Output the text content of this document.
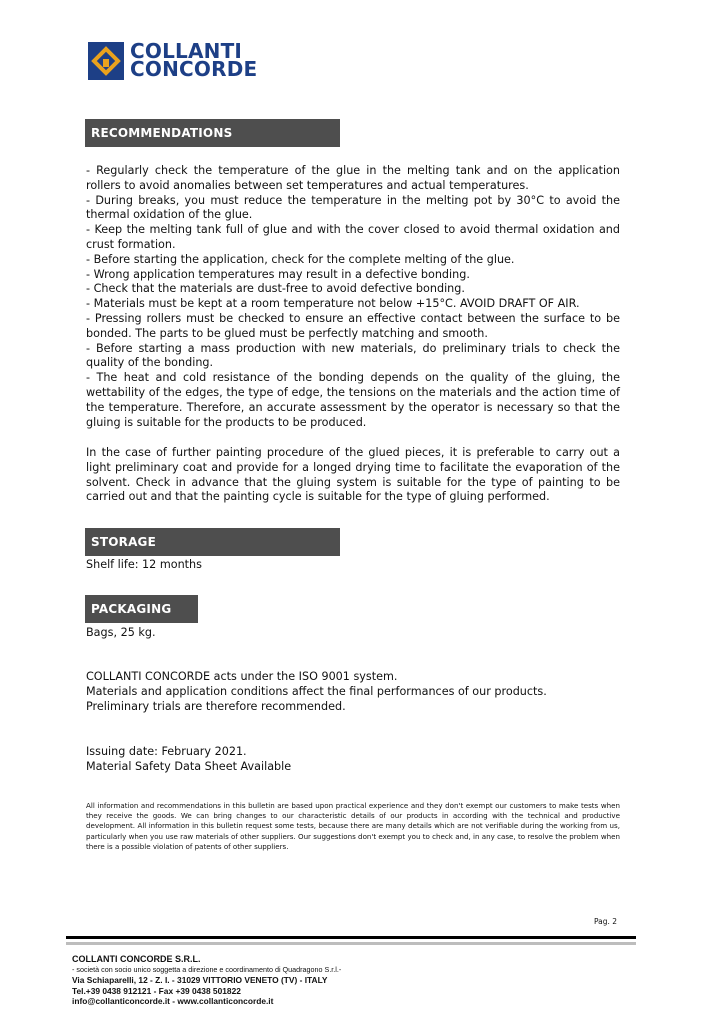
COLLANTI
CONCORDE
RECOMMENDATIONS

- Regularly check the temperature of the glue in the melting tank and on the application rollers to avoid anomalies between set temperatures and actual temperatures.

- During breaks, you must reduce the temperature in the melting pot by 30°C to avoid the thermal oxidation of the glue.

- Keep the melting tank full of glue and with the cover closed to avoid thermal oxidation and crust formation.

- Before starting the application, check for the complete melting of the glue.

- Wrong application temperatures may result in a defective bonding.

- Check that the materials are dust-free to avoid defective bonding.

- Materials must be kept at a room temperature not below +15°C. AVOID DRAFT OF AIR.

- Pressing rollers must be checked to ensure an effective contact between the surface to be bonded. The parts to be glued must be perfectly matching and smooth.

- Before starting a mass production with new materials, do preliminary trials to check the quality of the bonding.

- The heat and cold resistance of the bonding depends on the quality of the gluing, the wettability of the edges, the type of edge, the tensions on the materials and the action time of the temperature. Therefore, an accurate assessment by the operator is necessary so that the gluing is suitable for the products to be produced.

In the case of further painting procedure of the glued pieces, it is preferable to carry out a light preliminary coat and provide for a longed drying time to facilitate the evaporation of the solvent. Check in advance that the gluing system is suitable for the type of painting to be carried out and that the painting cycle is suitable for the type of gluing performed.
STORAGE
Shelf life: 12 months
PACKAGING
Bags, 25 kg.
COLLANTI CONCORDE acts under the ISO 9001 system.
Materials and application conditions affect the final performances of our products.
Preliminary trials are therefore recommended.
Issuing date: February 2021.
Material Safety Data Sheet Available
All information and recommendations in this bulletin are based upon practical experience and they don't exempt our customers to make tests when they receive the goods. We can bring changes to our characteristic details of our products in according with the technical and productive development. All information in this bulletin request some tests, because there are many details which are not verifiable during the working from us, particularly when you use raw materials of other suppliers. Our suggestions don't exempt you to check and, in any case, to resolve the problem when there is a possible violation of patents of other suppliers.
Pag. 2
COLLANTI CONCORDE S.R.L.
- società con socio unico soggetta a direzione e coordinamento di Quadragono S.r.l.-
Via Schiaparelli, 12 - Z. I. - 31029 VITTORIO VENETO (TV) - ITALY
Tel.+39 0438 912121 - Fax +39 0438 501822
info@collanticoncorde.it - www.collanticoncorde.it
